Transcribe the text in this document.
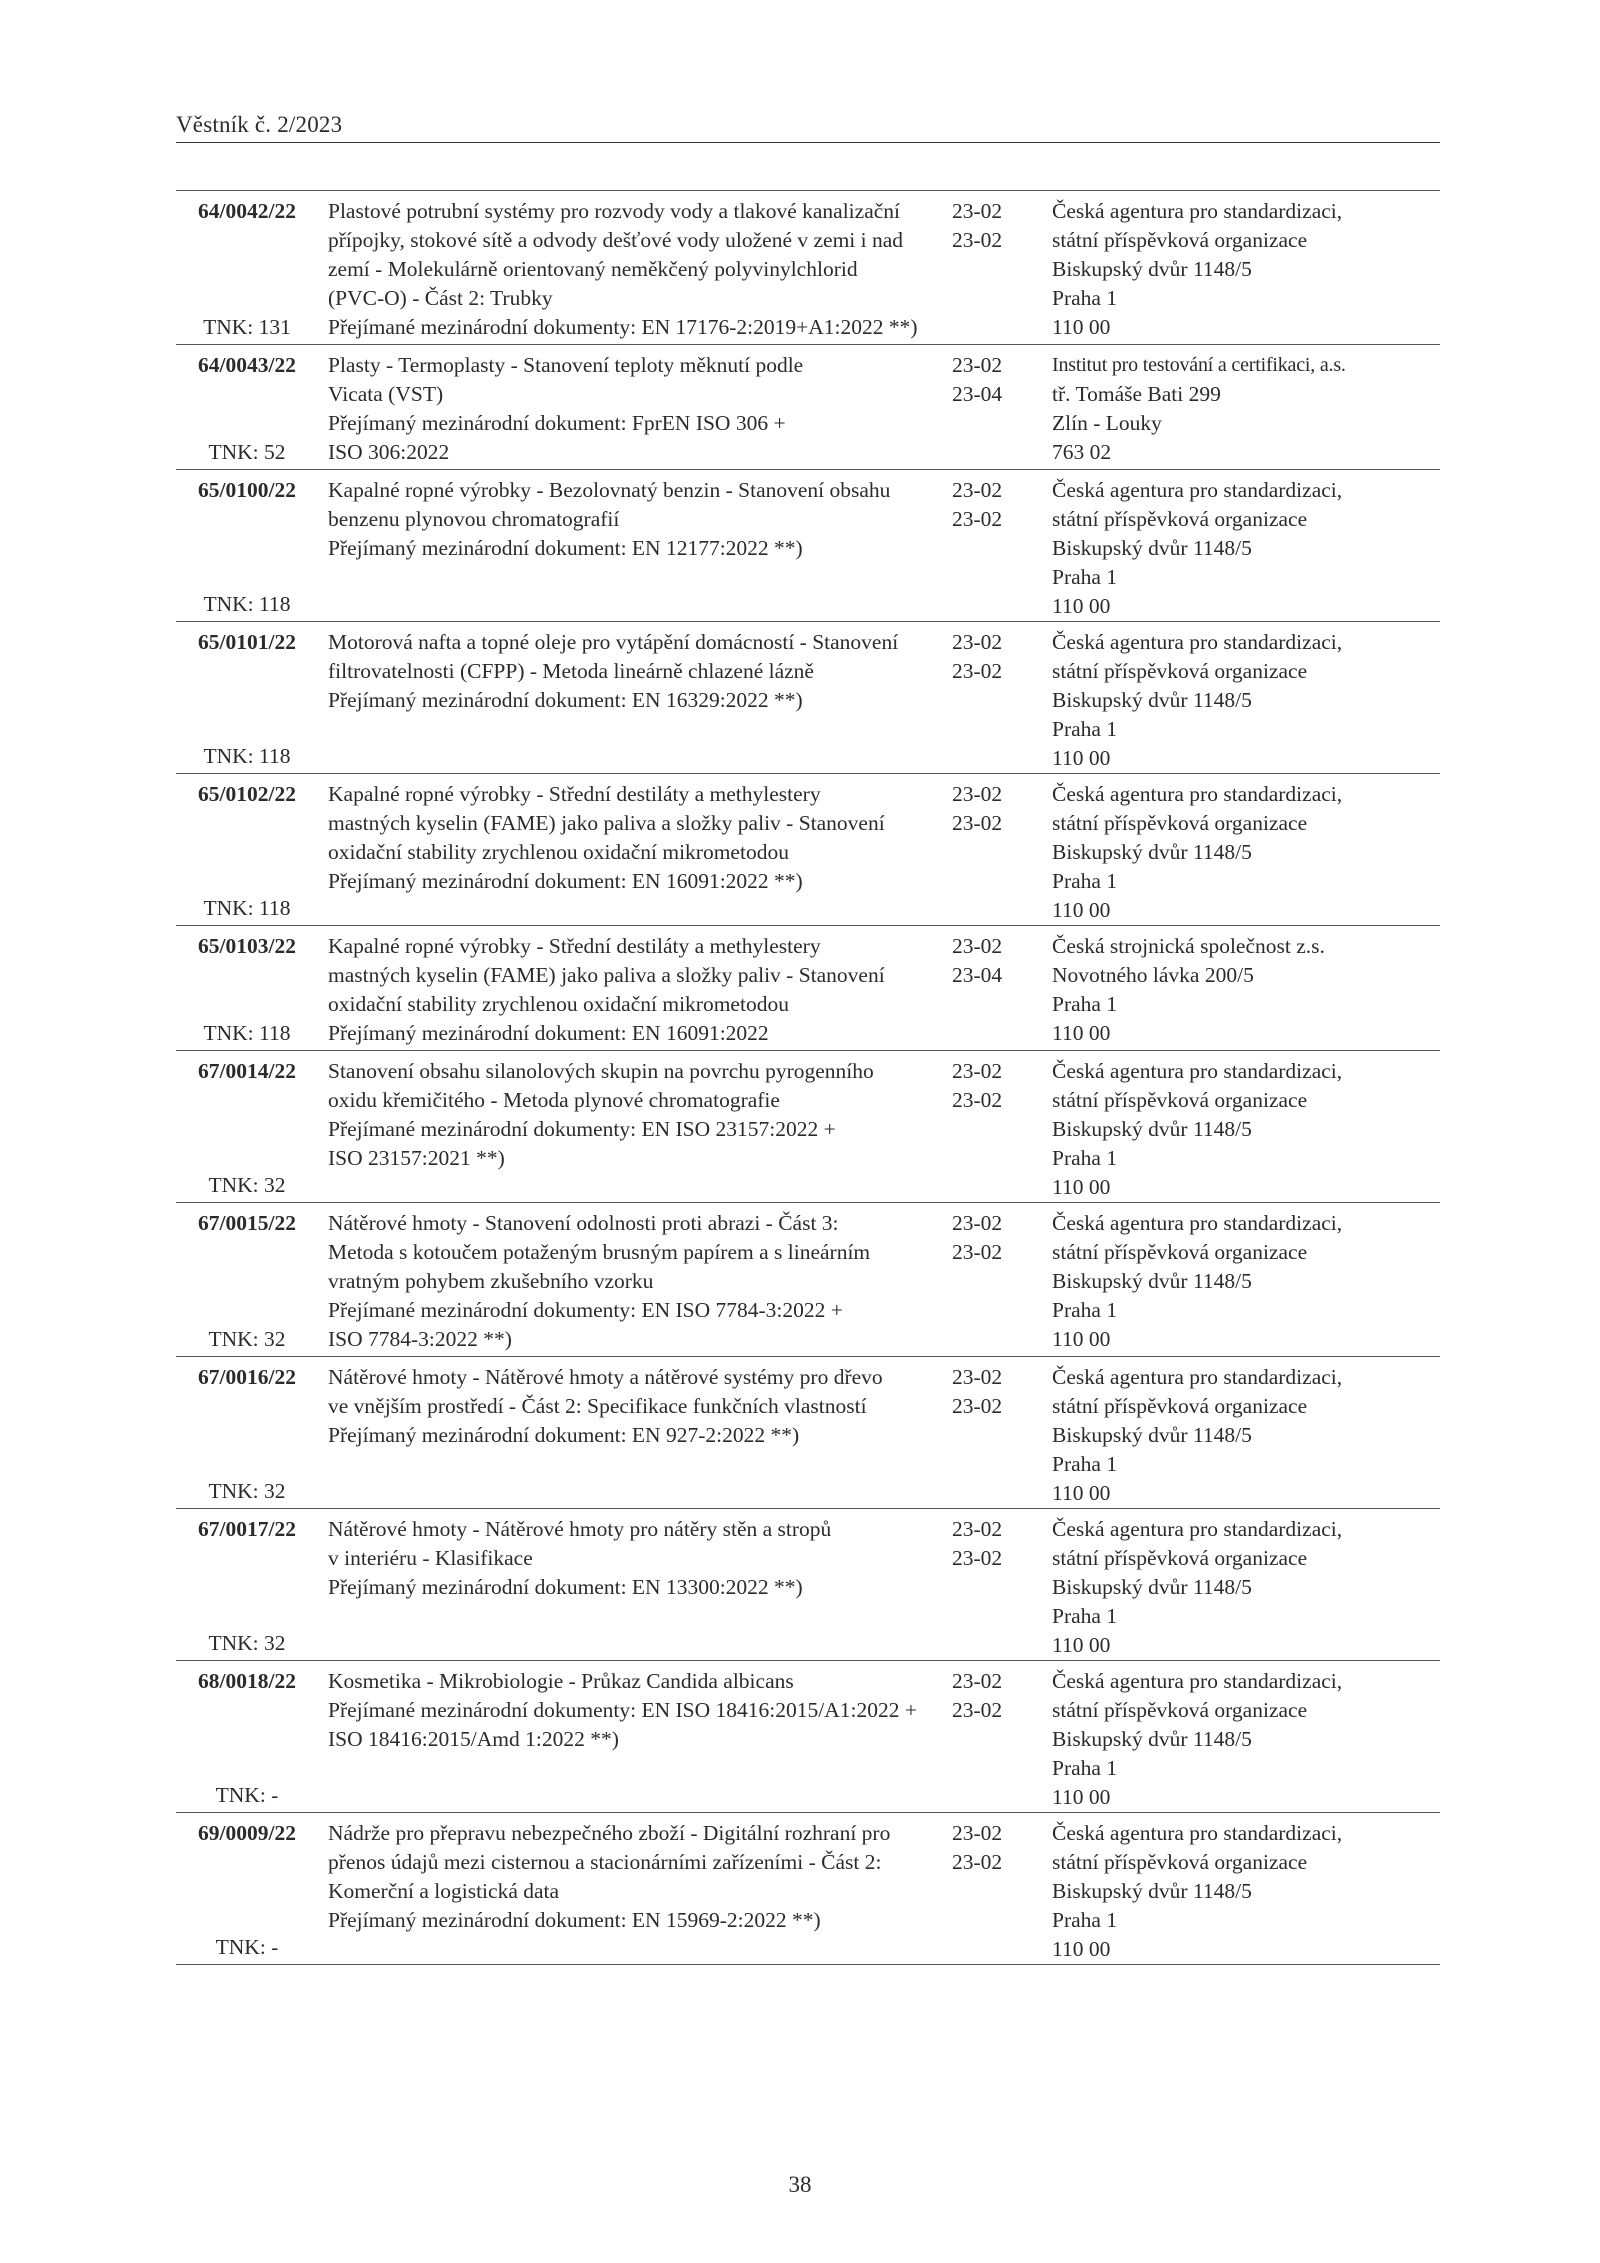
Věstník č. 2/2023
64/0042/22
TNK: 131
Plastové potrubní systémy pro rozvody vody a tlakové kanalizační
přípojky, stokové sítě a odvody dešťové vody uložené v zemi i nad
zemí - Molekulárně orientovaný neměkčený polyvinylchlorid
(PVC-O) - Část 2: Trubky
Přejímané mezinárodní dokumenty: EN 17176-2:2019+A1:2022 **)
23-02
23-02
Česká agentura pro standardizaci,
státní příspěvková organizace
Biskupský dvůr 1148/5
Praha 1
110 00
64/0043/22
TNK: 52
Plasty - Termoplasty - Stanovení teploty měknutí podle
Vicata (VST)
Přejímaný mezinárodní dokument: FprEN ISO 306 +
ISO 306:2022
23-02
23-04
Institut pro testování a certifikaci, a.s.
tř. Tomáše Bati 299
Zlín - Louky
763 02
65/0100/22
TNK: 118
Kapalné ropné výrobky - Bezolovnatý benzin - Stanovení obsahu
benzenu plynovou chromatografií
Přejímaný mezinárodní dokument: EN 12177:2022 **)
23-02
23-02
Česká agentura pro standardizaci,
státní příspěvková organizace
Biskupský dvůr 1148/5
Praha 1
110 00
65/0101/22
TNK: 118
Motorová nafta a topné oleje pro vytápění domácností - Stanovení
filtrovatelnosti (CFPP) - Metoda lineárně chlazené lázně
Přejímaný mezinárodní dokument: EN 16329:2022 **)
23-02
23-02
Česká agentura pro standardizaci,
státní příspěvková organizace
Biskupský dvůr 1148/5
Praha 1
110 00
65/0102/22
TNK: 118
Kapalné ropné výrobky - Střední destiláty a methylestery
mastných kyselin (FAME) jako paliva a složky paliv - Stanovení
oxidační stability zrychlenou oxidační mikrometodou
Přejímaný mezinárodní dokument: EN 16091:2022 **)
23-02
23-02
Česká agentura pro standardizaci,
státní příspěvková organizace
Biskupský dvůr 1148/5
Praha 1
110 00
65/0103/22
TNK: 118
Kapalné ropné výrobky - Střední destiláty a methylestery
mastných kyselin (FAME) jako paliva a složky paliv - Stanovení
oxidační stability zrychlenou oxidační mikrometodou
Přejímaný mezinárodní dokument: EN 16091:2022
23-02
23-04
Česká strojnická společnost z.s.
Novotného lávka 200/5
Praha 1
110 00
67/0014/22
TNK: 32
Stanovení obsahu silanolových skupin na povrchu pyrogenního
oxidu křemičitého - Metoda plynové chromatografie
Přejímané mezinárodní dokumenty: EN ISO 23157:2022 +
ISO 23157:2021 **)
23-02
23-02
Česká agentura pro standardizaci,
státní příspěvková organizace
Biskupský dvůr 1148/5
Praha 1
110 00
67/0015/22
TNK: 32
Nátěrové hmoty - Stanovení odolnosti proti abrazi - Část 3:
Metoda s kotoučem potaženým brusným papírem a s lineárním
vratným pohybem zkušebního vzorku
Přejímané mezinárodní dokumenty: EN ISO 7784-3:2022 +
ISO 7784-3:2022 **)
23-02
23-02
Česká agentura pro standardizaci,
státní příspěvková organizace
Biskupský dvůr 1148/5
Praha 1
110 00
67/0016/22
TNK: 32
Nátěrové hmoty - Nátěrové hmoty a nátěrové systémy pro dřevo
ve vnějším prostředí - Část 2: Specifikace funkčních vlastností
Přejímaný mezinárodní dokument: EN 927-2:2022 **)
23-02
23-02
Česká agentura pro standardizaci,
státní příspěvková organizace
Biskupský dvůr 1148/5
Praha 1
110 00
67/0017/22
TNK: 32
Nátěrové hmoty - Nátěrové hmoty pro nátěry stěn a stropů
v interiéru - Klasifikace
Přejímaný mezinárodní dokument: EN 13300:2022 **)
23-02
23-02
Česká agentura pro standardizaci,
státní příspěvková organizace
Biskupský dvůr 1148/5
Praha 1
110 00
68/0018/22
TNK: -
Kosmetika - Mikrobiologie - Průkaz Candida albicans
Přejímané mezinárodní dokumenty: EN ISO 18416:2015/A1:2022 +
ISO 18416:2015/Amd 1:2022 **)
23-02
23-02
Česká agentura pro standardizaci,
státní příspěvková organizace
Biskupský dvůr 1148/5
Praha 1
110 00
69/0009/22
TNK: -
Nádrže pro přepravu nebezpečného zboží - Digitální rozhraní pro
přenos údajů mezi cisternou a stacionárními zařízeními - Část 2:
Komerční a logistická data
Přejímaný mezinárodní dokument: EN 15969-2:2022 **)
23-02
23-02
Česká agentura pro standardizaci,
státní příspěvková organizace
Biskupský dvůr 1148/5
Praha 1
110 00
38
